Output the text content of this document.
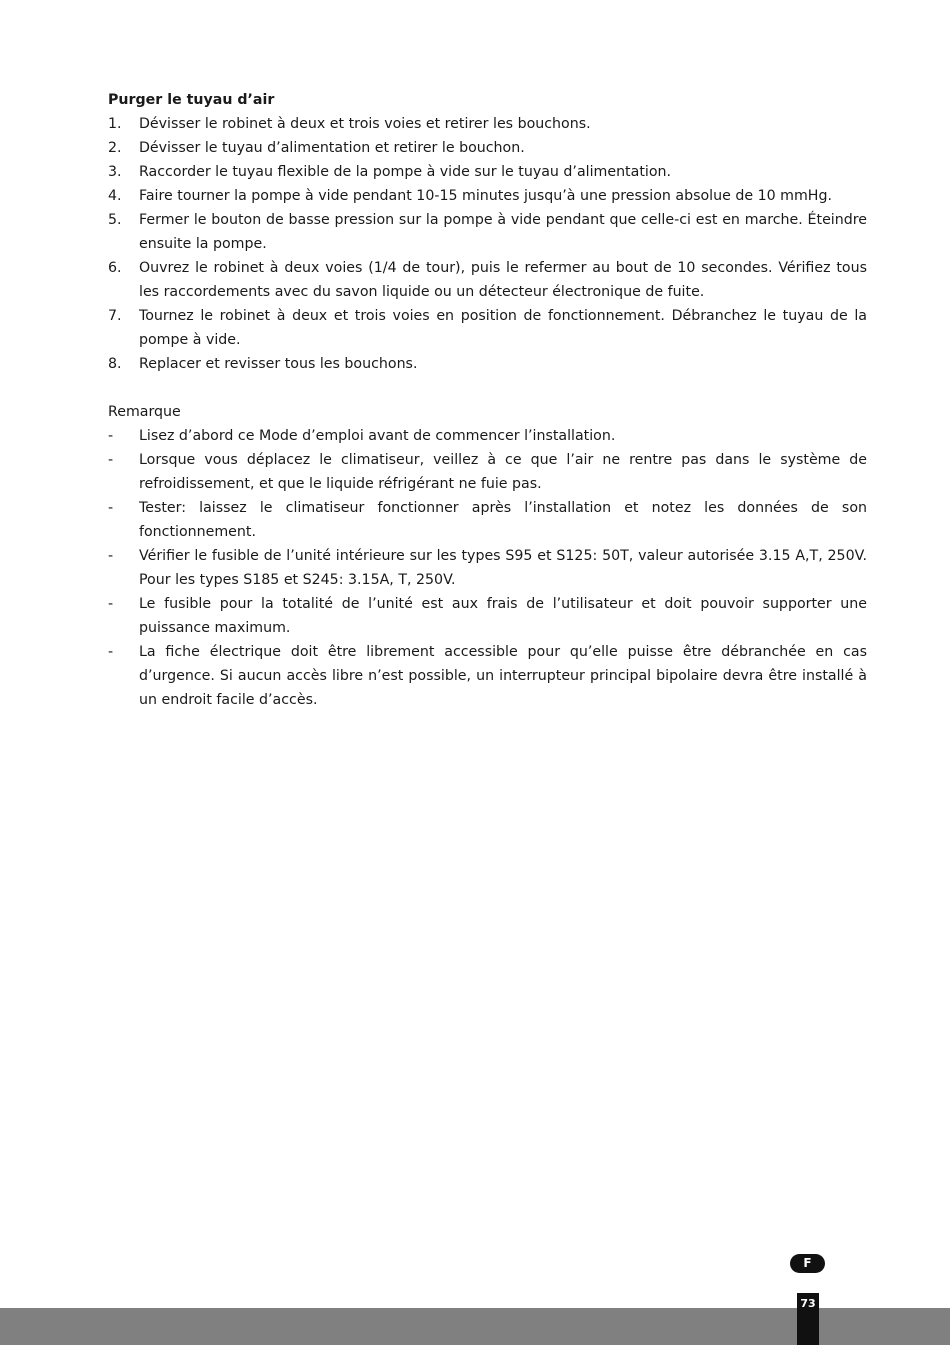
Purger le tuyau d’air

1. Dévisser le robinet à deux et trois voies et retirer les bouchons.
2. Dévisser le tuyau d’alimentation et retirer le bouchon.
3. Raccorder le tuyau flexible de la pompe à vide sur le tuyau d’alimentation.
4. Faire tourner la pompe à vide pendant 10-15 minutes jusqu’à une pression absolue de 10 mmHg.
5. Fermer le bouton de basse pression sur la pompe à vide pendant que celle-ci est en marche. Éteindre ensuite la pompe.
6. Ouvrez le robinet à deux voies (1/4 de tour), puis le refermer au bout de 10 secondes. Vérifiez tous les raccordements avec du savon liquide ou un détecteur électronique de fuite.
7. Tournez le robinet à deux et trois voies en position de fonctionnement. Débranchez le tuyau de la pompe à vide.
8. Replacer et revisser tous les bouchons.

Remarque

- Lisez d’abord ce Mode d’emploi avant de commencer l’installation.
- Lorsque vous déplacez le climatiseur, veillez à ce que l’air ne rentre pas dans le système de refroidissement, et que le liquide réfrigérant ne fuie pas.
- Tester: laissez le climatiseur fonctionner après l’installation et notez les données de son fonctionnement.
- Vérifier le fusible de l’unité intérieure sur les types S95 et S125: 50T, valeur autorisée 3.15 A,T, 250V. Pour les types S185 et S245: 3.15A, T, 250V.
- Le fusible pour la totalité de l’unité est aux frais de l’utilisateur et doit pouvoir supporter une puissance maximum.
- La fiche électrique doit être librement accessible pour qu’elle puisse être débranchée en cas d’urgence. Si aucun accès libre n’est possible, un interrupteur principal bipolaire devra être installé à un endroit facile d’accès.
F
73
